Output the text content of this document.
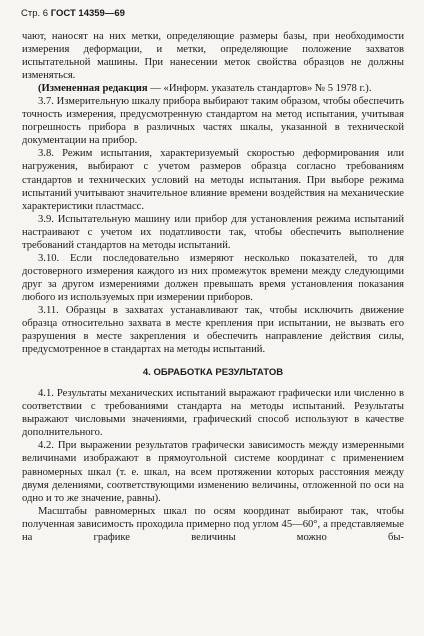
Стр. 6 ГОСТ 14359—69

чают, наносят на них метки, определяющие размеры базы, при необходимости измерения деформации, и метки, определяющие положение захватов испытательной машины. При нанесении меток свойства образцов не должны изменяться.

(Измененная редакция — «Информ. указатель стандартов» № 5 1978 г.).

3.7. Измерительную шкалу прибора выбирают таким образом, чтобы обеспечить точность измерения, предусмотренную стандартом на метод испытания, учитывая погрешность прибора в различных частях шкалы, указанной в технической документации на прибор.

3.8. Режим испытания, характеризуемый скоростью деформирования или нагружения, выбирают с учетом размеров образца согласно требованиям стандартов и технических условий на методы испытания. При выборе режима испытаний учитывают значительное влияние времени воздействия на механические характеристики пластмасс.

3.9. Испытательную машину или прибор для установления режима испытаний настраивают с учетом их податливости так, чтобы обеспечить выполнение требований стандартов на методы испытаний.

3.10. Если последовательно измеряют несколько показателей, то для достоверного измерения каждого из них промежуток времени между следующими друг за другом измерениями должен превышать время установления показания любого из используемых при измерении приборов.

3.11. Образцы в захватах устанавливают так, чтобы исключить движение образца относительно захвата в месте крепления при испытании, не вызвать его разрушения в месте закрепления и обеспечить направление действия силы, предусмотренное в стандартах на методы испытаний.

4. ОБРАБОТКА РЕЗУЛЬТАТОВ

4.1. Результаты механических испытаний выражают графически или численно в соответствии с требованиями стандарта на методы испытаний. Результаты выражают числовыми значениями, графический способ используют в качестве дополнительного.

4.2. При выражении результатов графически зависимость между измеренными величинами изображают в прямоугольной системе координат с применением равномерных шкал (т. е. шкал, на всем протяжении которых расстояния между двумя делениями, соответствующими изменению величины, отложенной по оси на одно и то же значение, равны).

Масштабы равномерных шкал по осям координат выбирают так, чтобы полученная зависимость проходила примерно под углом 45—60°, а представляемые на графике величины можно бы-
